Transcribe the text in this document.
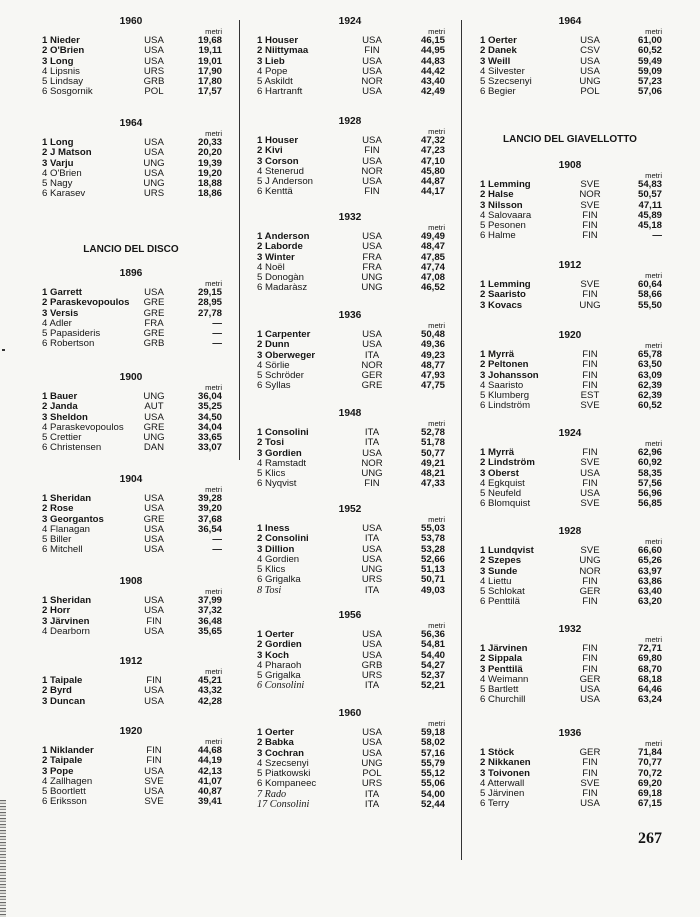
1960
metri
1 Nieder	USA	19,68
2 O'Brien	USA	19,11
3 Long	USA	19,01
4 Lipsnis	URS	17,90
5 Lindsay	GRB	17,80
6 Sosgornik	POL	17,57
1964
metri
1 Long	USA	20,33
2 J Matson	USA	20,20
3 Varju	UNG	19,39
4 O'Brien	USA	19,20
5 Nagy	UNG	18,88
6 Karasev	URS	18,86
LANCIO DEL DISCO
1896
metri
1 Garrett	USA	29,15
2 Paraskevopoulos	GRE	28,95
3 Versis	GRE	27,78
4 Adler	FRA	—
5 Papasideris	GRE	—
6 Robertson	GRB	—
1900
metri
1 Bauer	UNG	36,04
2 Janda	AUT	35,25
3 Sheldon	USA	34,50
4 Paraskevopoulos	GRE	34,04
5 Crettier	UNG	33,65
6 Christensen	DAN	33,07
1904
metri
1 Sheridan	USA	39,28
2 Rose	USA	39,20
3 Georgantos	GRE	37,68
4 Flanagan	USA	36,54
5 Biller	USA	—
6 Mitchell	USA	—
1908
metri
1 Sheridan	USA	37,99
2 Horr	USA	37,32
3 Järvinen	FIN	36,48
4 Dearborn	USA	35,65
1912
metri
1 Taipale	FIN	45,21
2 Byrd	USA	43,32
3 Duncan	USA	42,28
1920
metri
1 Niklander	FIN	44,68
2 Taipale	FIN	44,19
3 Pope	USA	42,13
4 Zallhagen	SVE	41,07
5 Boortlett	USA	40,87
6 Eriksson	SVE	39,41
1924
metri
1 Houser	USA	46,15
2 Niittymaa	FIN	44,95
3 Lieb	USA	44,83
4 Pope	USA	44,42
5 Askildt	NOR	43,40
6 Hartranft	USA	42,49
1928
metri
1 Houser	USA	47,32
2 Kivi	FIN	47,23
3 Corson	USA	47,10
4 Stenerud	NOR	45,80
5 J Anderson	USA	44,87
6 Kenttä	FIN	44,17
1932
metri
1 Anderson	USA	49,49
2 Laborde	USA	48,47
3 Winter	FRA	47,85
4 Noël	FRA	47,74
5 Donogàn	UNG	47,08
6 Madaràsz	UNG	46,52
1936
metri
1 Carpenter	USA	50,48
2 Dunn	USA	49,36
3 Oberweger	ITA	49,23
4 Sörlie	NOR	48,77
5 Schröder	GER	47,93
6 Syllas	GRE	47,75
1948
metri
1 Consolini	ITA	52,78
2 Tosi	ITA	51,78
3 Gordien	USA	50,77
4 Ramstadt	NOR	49,21
5 Klics	UNG	48,21
6 Nyqvist	FIN	47,33
1952
metri
1 Iness	USA	55,03
2 Consolini	ITA	53,78
3 Dillion	USA	53,28
4 Gordien	USA	52,66
5 Klics	UNG	51,13
6 Grigalka	URS	50,71
8 Tosi	ITA	49,03
1956
metri
1 Oerter	USA	56,36
2 Gordien	USA	54,81
3 Koch	USA	54,40
4 Pharaoh	GRB	54,27
5 Grigalka	URS	52,37
6 Consolini	ITA	52,21
1960
metri
1 Oerter	USA	59,18
2 Babka	USA	58,02
3 Cochran	USA	57,16
4 Szecsenyi	UNG	55,79
5 Piatkowski	POL	55,12
6 Kompaneec	URS	55,06
7 Rado	ITA	54,00
17 Consolini	ITA	52,44
1964
metri
1 Oerter	USA	61,00
2 Danek	CSV	60,52
3 Weill	USA	59,49
4 Silvester	USA	59,09
5 Szecsenyi	UNG	57,23
6 Begier	POL	57,06
LANCIO DEL GIAVELLOTTO
1908
metri
1 Lemming	SVE	54,83
2 Halse	NOR	50,57
3 Nilsson	SVE	47,11
4 Salovaara	FIN	45,89
5 Pesonen	FIN	45,18
6 Halme	FIN	—
1912
metri
1 Lemming	SVE	60,64
2 Saaristo	FIN	58,66
3 Kovacs	UNG	55,50
1920
metri
1 Myrrä	FIN	65,78
2 Peltonen	FIN	63,50
3 Johansson	FIN	63,09
4 Saaristo	FIN	62,39
5 Klumberg	EST	62,39
6 Lindström	SVE	60,52
1924
metri
1 Myrrä	FIN	62,96
2 Lindström	SVE	60,92
3 Oberst	USA	58,35
4 Egkquist	FIN	57,56
5 Neufeld	USA	56,96
6 Blomquist	SVE	56,85
1928
metri
1 Lundqvist	SVE	66,60
2 Szepes	UNG	65,26
3 Sunde	NOR	63,97
4 Liettu	FIN	63,86
5 Schlokat	GER	63,40
6 Penttilä	FIN	63,20
1932
metri
1 Järvinen	FIN	72,71
2 Sippala	FIN	69,80
3 Penttilä	FIN	68,70
4 Weimann	GER	68,18
5 Bartlett	USA	64,46
6 Churchill	USA	63,24
1936
metri
1 Stöck	GER	71,84
2 Nikkanen	FIN	70,77
3 Toivonen	FIN	70,72
4 Atterwall	SVE	69,20
5 Järvinen	FIN	69,18
6 Terry	USA	67,15
267
